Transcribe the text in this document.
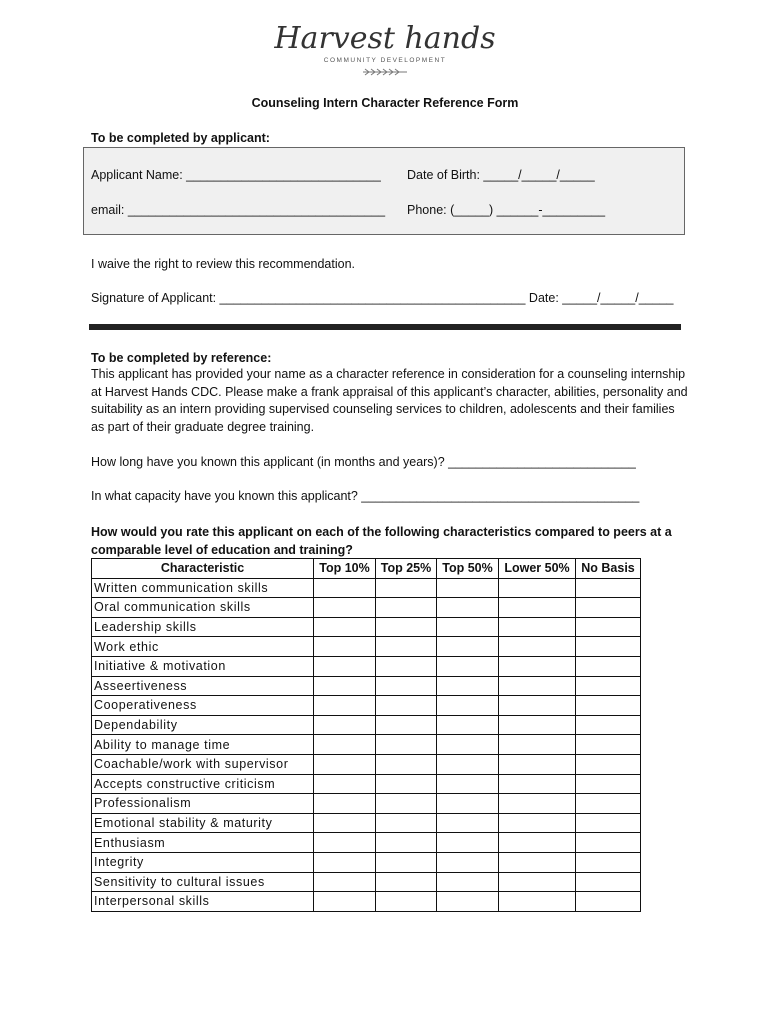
Harvest hands
COMMUNITY DEVELOPMENT
Counseling Intern Character Reference Form
To be completed by applicant:
Applicant Name: ____________________________ Date of Birth: _____/_____/_____
email: _____________________________________ Phone: (_____) ______-_________
I waive the right to review this recommendation.
Signature of Applicant: ____________________________________________ Date: _____/_____/_____
To be completed by reference:
This applicant has provided your name as a character reference in consideration for a counseling internship at Harvest Hands CDC. Please make a frank appraisal of this applicant’s character, abilities, personality and suitability as an intern providing supervised counseling services to children, adolescents and their families as part of their graduate degree training.
How long have you known this applicant (in months and years)? ___________________________
In what capacity have you known this applicant? ________________________________________
How would you rate this applicant on each of the following characteristics compared to peers at a comparable level of education and training?
Characteristic	Top 10%	Top 25%	Top 50%	Lower 50%	No Basis
Written communication skills					
Oral communication skills					
Leadership skills					
Work ethic					
Initiative & motivation					
Asseertiveness					
Cooperativeness					
Dependability					
Ability to manage time					
Coachable/work with supervisor					
Accepts constructive criticism					
Professionalism					
Emotional stability & maturity					
Enthusiasm					
Integrity					
Sensitivity to cultural issues					
Interpersonal skills					
